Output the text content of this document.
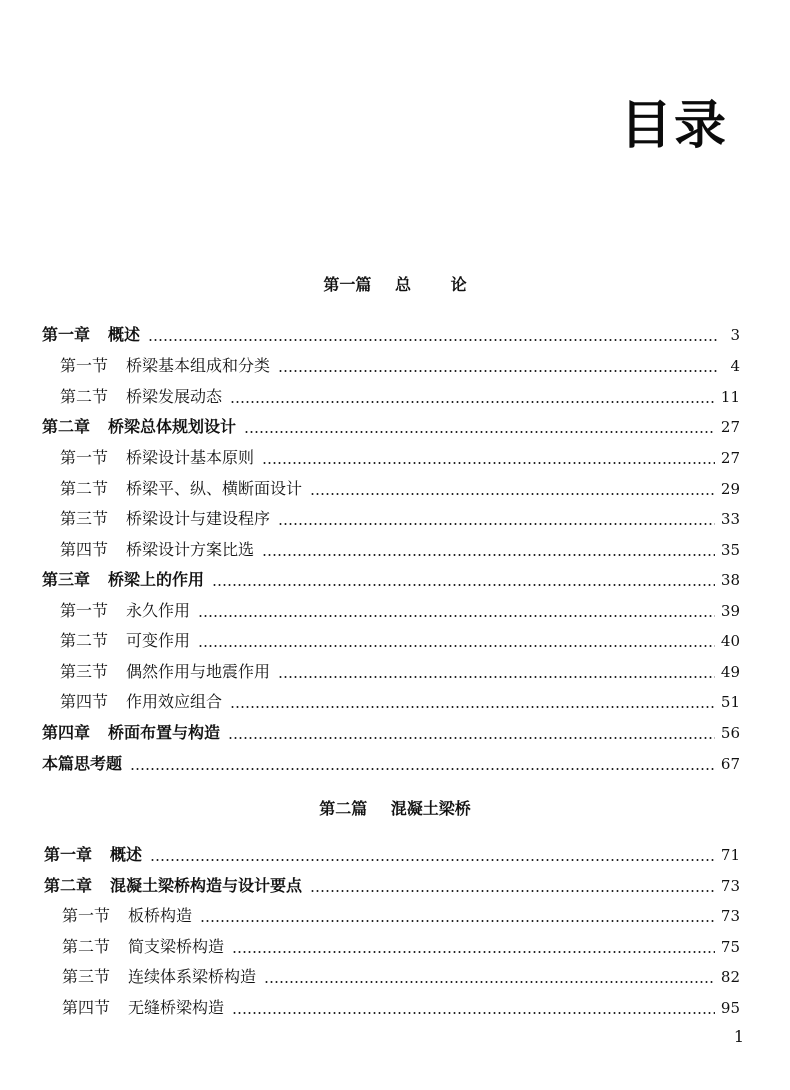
目录
第一篇 总 论
第一章 概述	3
第一节 桥梁基本组成和分类	4
第二节 桥梁发展动态	11
第二章 桥梁总体规划设计	27
第一节 桥梁设计基本原则	27
第二节 桥梁平、纵、横断面设计	29
第三节 桥梁设计与建设程序	33
第四节 桥梁设计方案比选	35
第三章 桥梁上的作用	38
第一节 永久作用	39
第二节 可变作用	40
第三节 偶然作用与地震作用	49
第四节 作用效应组合	51
第四章 桥面布置与构造	56
本篇思考题	67
第二篇 混凝土梁桥
第一章 概述	71
第二章 混凝土梁桥构造与设计要点	73
第一节 板桥构造	73
第二节 简支梁桥构造	75
第三节 连续体系梁桥构造	82
第四节 无缝桥梁构造	95
1
